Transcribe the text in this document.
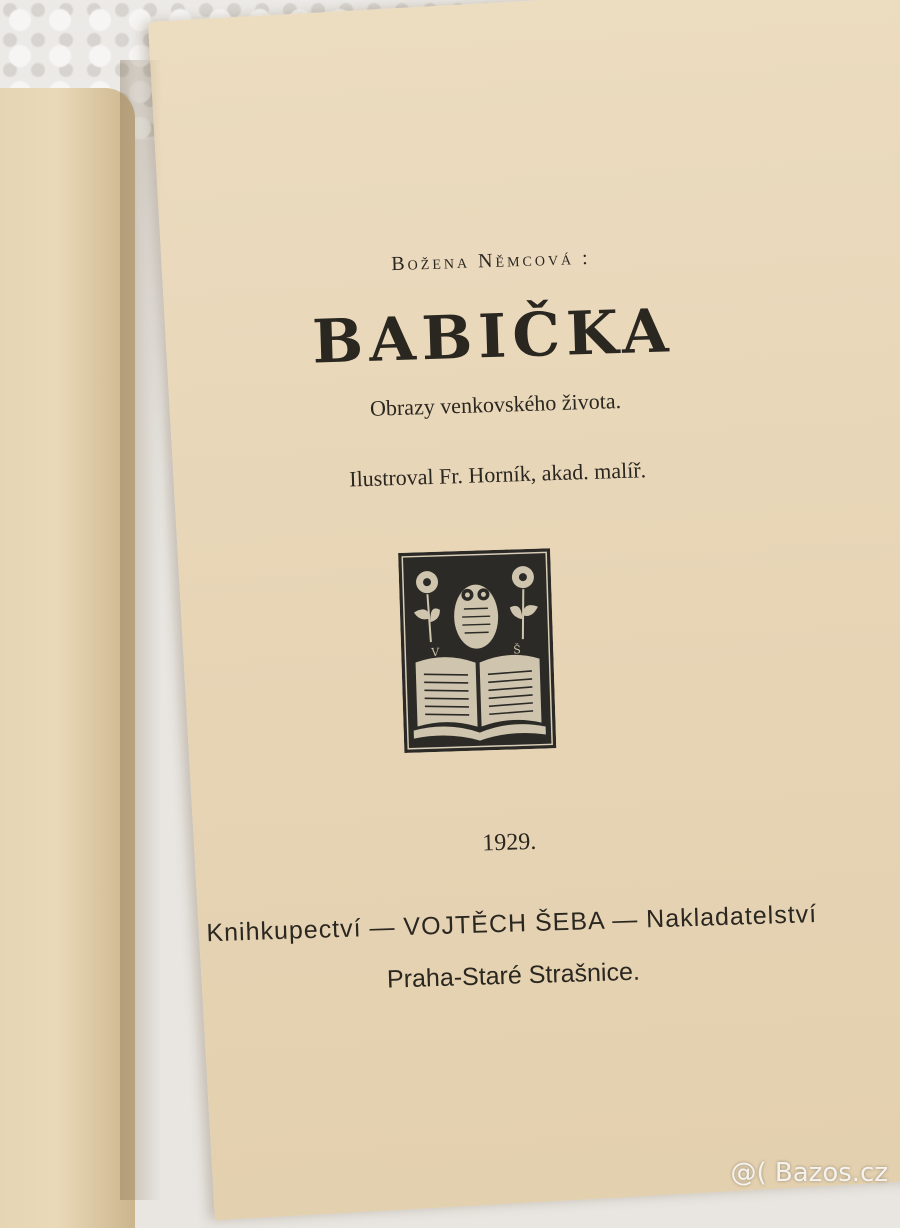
Božena Němcová :
BABIČKA
Obrazy venkovského života.
Ilustroval Fr. Horník, akad. malíř.
V	Š
1929.
Knihkupectví — VOJTĚCH ŠEBA — Nakladatelství
Praha-Staré Strašnice.
@( Bazos.cz
